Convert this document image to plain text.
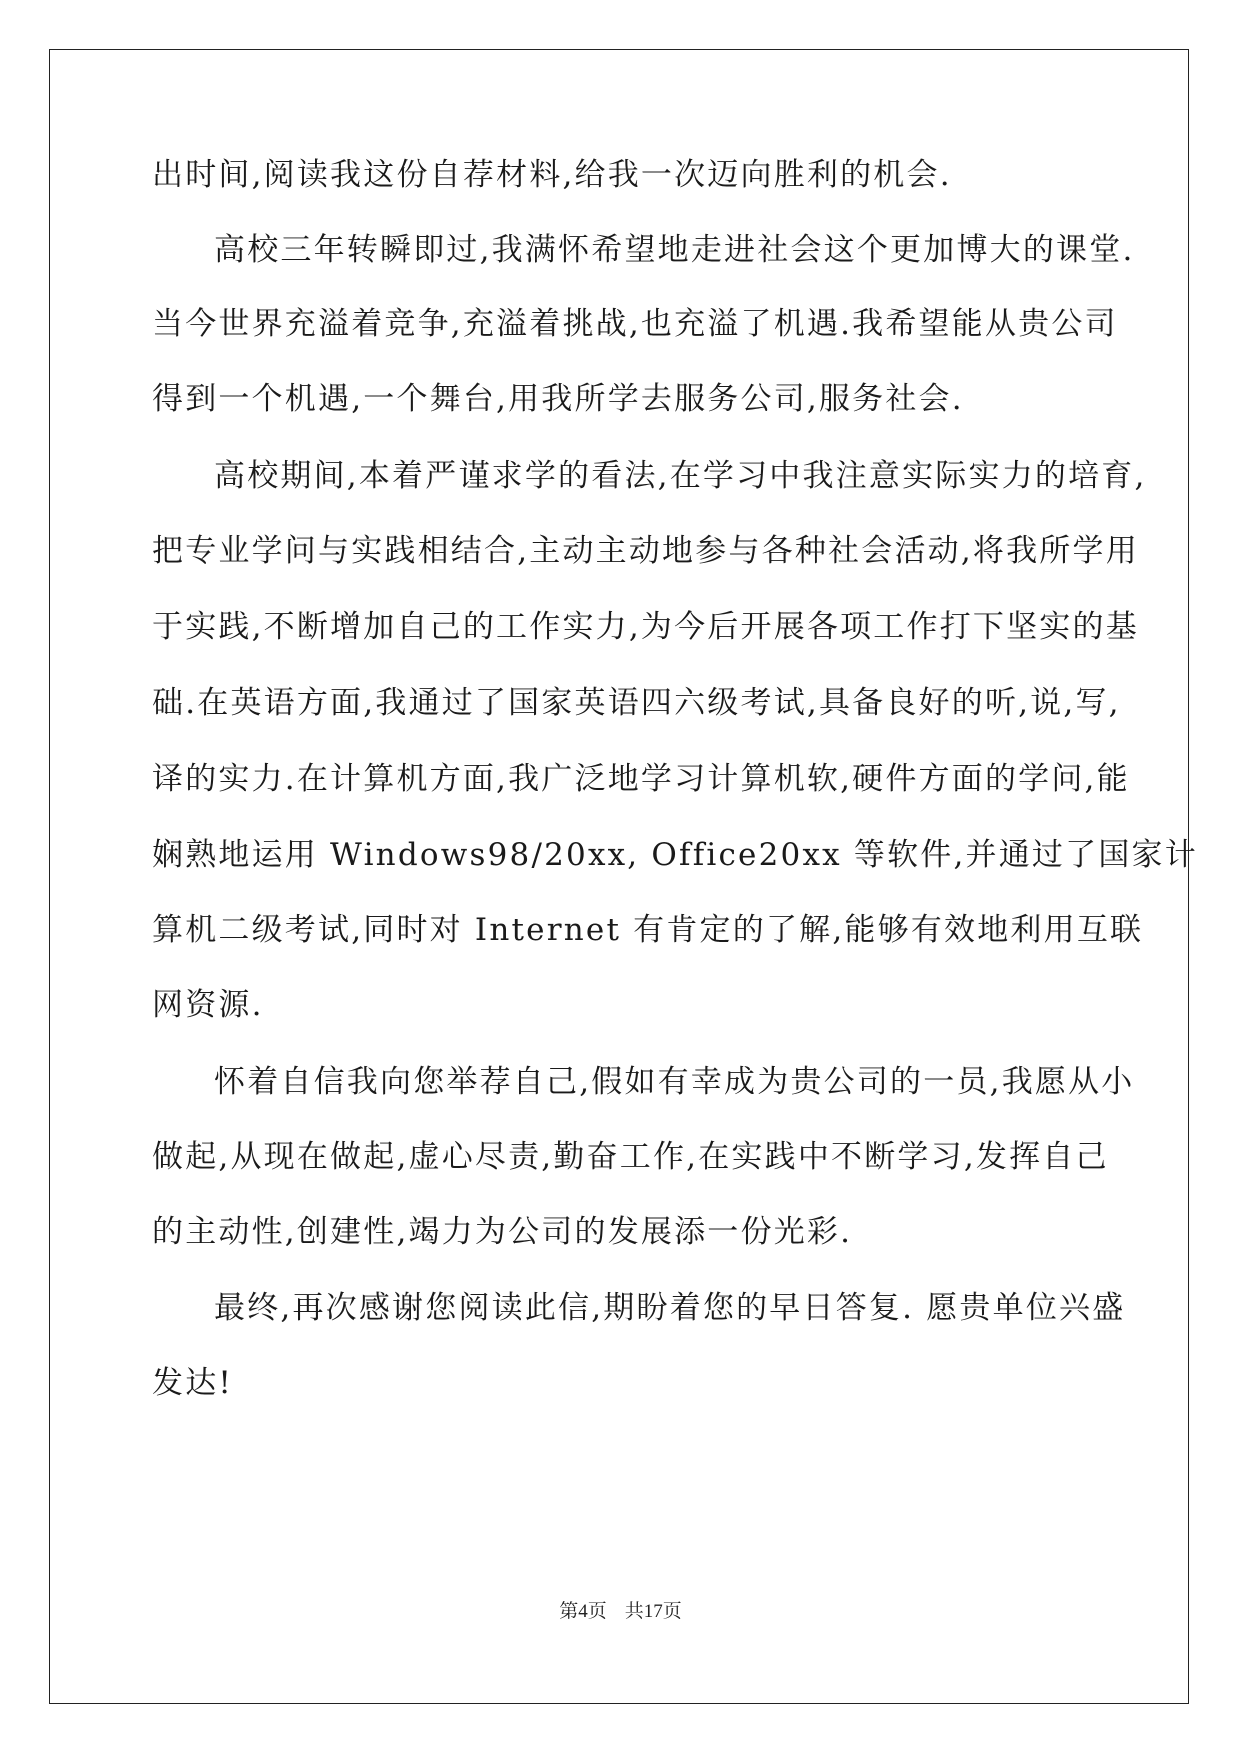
出时间,阅读我这份自荐材料,给我一次迈向胜利的机会.
高校三年转瞬即过,我满怀希望地走进社会这个更加博大的课堂.
当今世界充溢着竞争,充溢着挑战,也充溢了机遇.我希望能从贵公司
得到一个机遇,一个舞台,用我所学去服务公司,服务社会.
高校期间,本着严谨求学的看法,在学习中我注意实际实力的培育,
把专业学问与实践相结合,主动主动地参与各种社会活动,将我所学用
于实践,不断增加自己的工作实力,为今后开展各项工作打下坚实的基
础.在英语方面,我通过了国家英语四六级考试,具备良好的听,说,写,
译的实力.在计算机方面,我广泛地学习计算机软,硬件方面的学问,能
娴熟地运用 Windows98/20xx, Office20xx 等软件,并通过了国家计
算机二级考试,同时对 Internet 有肯定的了解,能够有效地利用互联
网资源.
怀着自信我向您举荐自己,假如有幸成为贵公司的一员,我愿从小
做起,从现在做起,虚心尽责,勤奋工作,在实践中不断学习,发挥自己
的主动性,创建性,竭力为公司的发展添一份光彩.
最终,再次感谢您阅读此信,期盼着您的早日答复. 愿贵单位兴盛
发达!
第4页 共17页
